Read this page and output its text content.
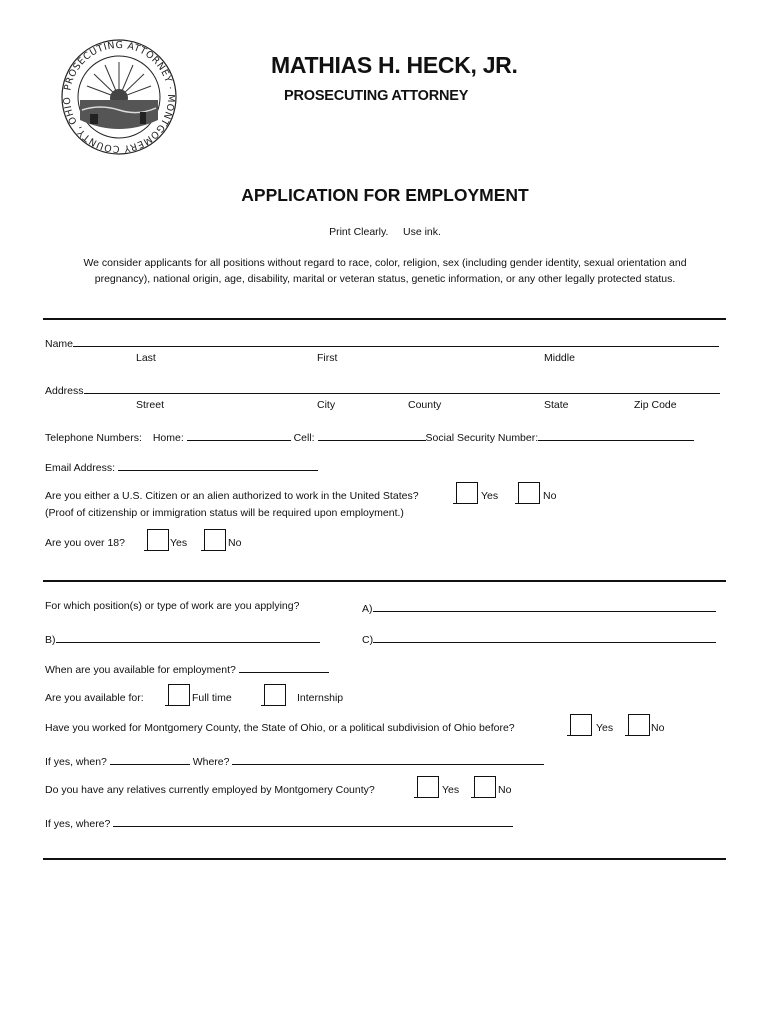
PROSECUTING ATTORNEY · MONTGOMERY COUNTY, OHIO
MATHIAS H. HECK, JR.
PROSECUTING ATTORNEY
APPLICATION FOR EMPLOYMENT
Print Clearly.     Use ink.
We consider applicants for all positions without regard to race, color, religion, sex (including gender identity, sexual orientation and
pregnancy), national origin, age, disability, marital or veteran status, genetic information, or any other legally protected status.
Name
Last	First	Middle
Address
Street	City	County	State	Zip Code
Telephone Numbers: Home:	Cell:	Social Security Number:
Email Address:
Are you either a U.S. Citizen or an alien authorized to work in the United States?	Yes	No
(Proof of citizenship or immigration status will be required upon employment.)
Are you over 18?	Yes	No
For which position(s) or type of work are you applying?	A)
B)	C)
When are you available for employment?
Are you available for:	Full time	Internship
Have you worked for Montgomery County, the State of Ohio, or a political subdivision of Ohio before?	Yes	No
If yes, when?	Where?
Do you have any relatives currently employed by Montgomery County?	Yes	No
If yes, where?
